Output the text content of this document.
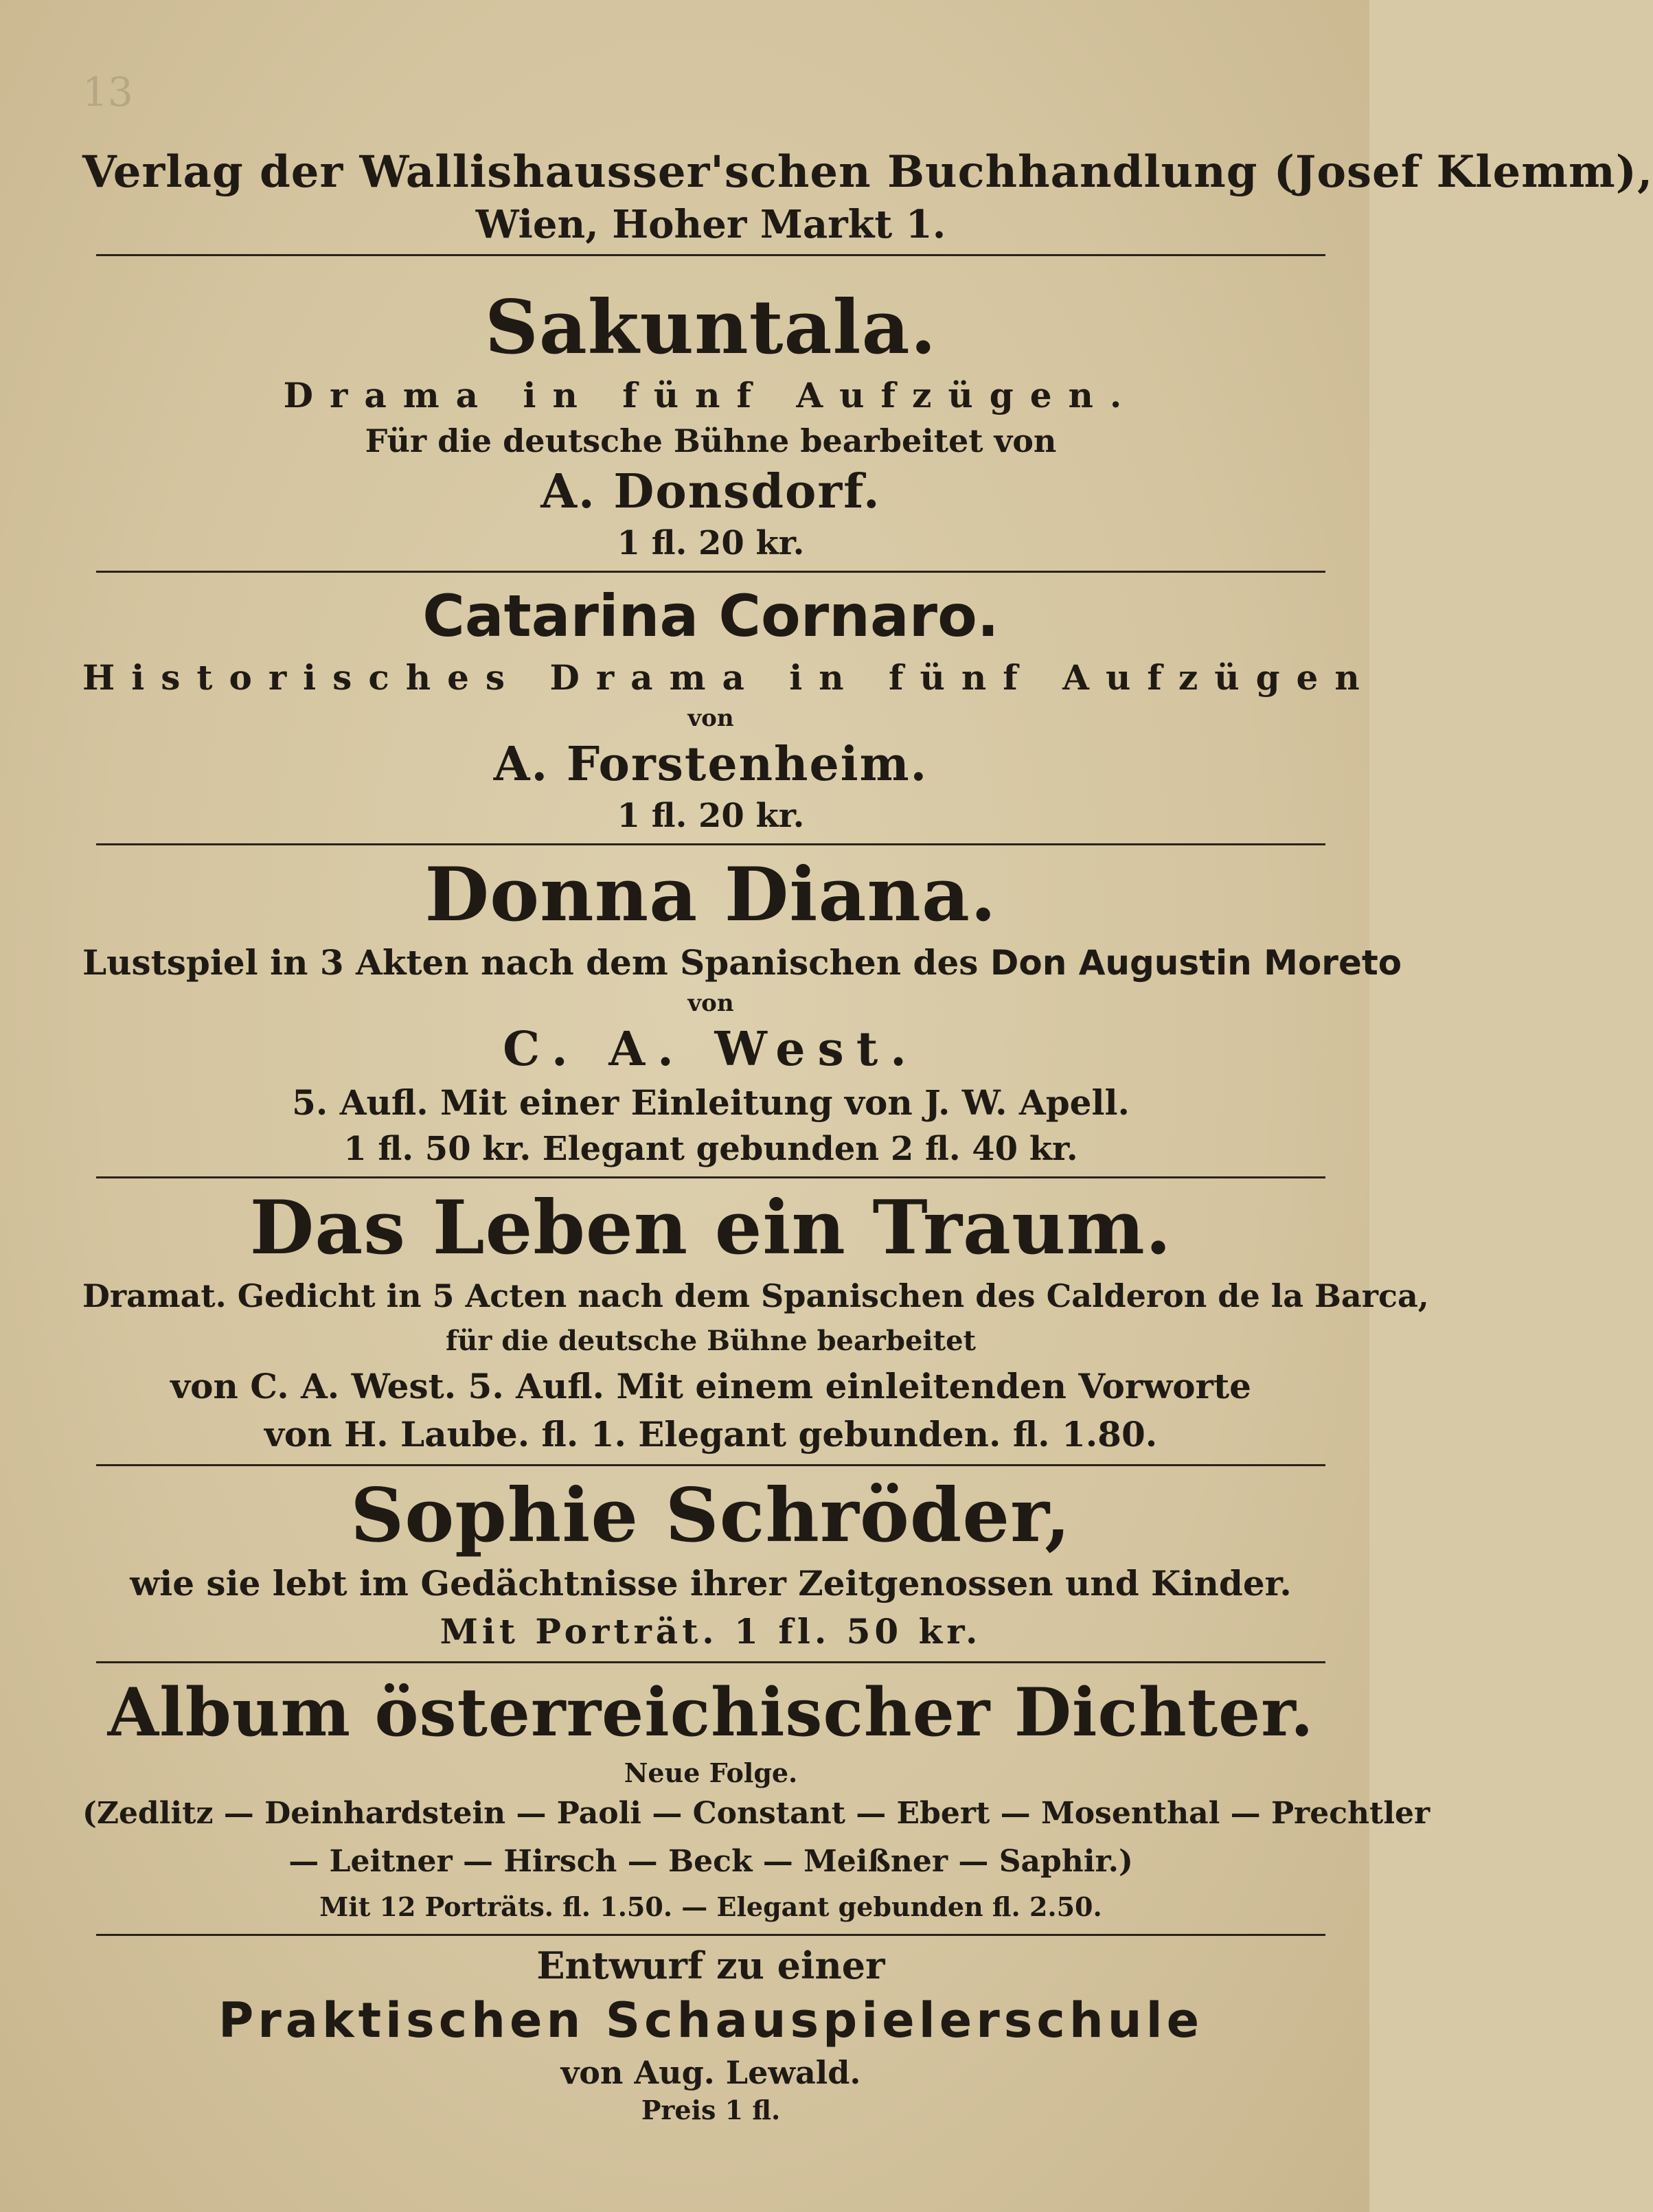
13
Verlag der Wallishausser'schen Buchhandlung (Josef Klemm),
Wien, Hoher Markt 1.
Sakuntala.
Drama in fünf Aufzügen.
Für die deutsche Bühne bearbeitet von
A. Donsdorf.
1 fl. 20 kr.
Catarina Cornaro.
Historisches Drama in fünf Aufzügen
von
A. Forstenheim.
1 fl. 20 kr.
Donna Diana.
Lustspiel in 3 Akten nach dem Spanischen des Don Augustin Moreto
von
C. A. West.
5. Aufl. Mit einer Einleitung von J. W. Apell.
1 fl. 50 kr. Elegant gebunden 2 fl. 40 kr.
Das Leben ein Traum.
Dramat. Gedicht in 5 Acten nach dem Spanischen des Calderon de la Barca,
für die deutsche Bühne bearbeitet
von C. A. West. 5. Aufl. Mit einem einleitenden Vorworte
von H. Laube. fl. 1. Elegant gebunden. fl. 1.80.
Sophie Schröder,
wie sie lebt im Gedächtnisse ihrer Zeitgenossen und Kinder.
Mit Porträt. 1 fl. 50 kr.
Album österreichischer Dichter.
Neue Folge.
(Zedlitz — Deinhardstein — Paoli — Constant — Ebert — Mosenthal — Prechtler
— Leitner — Hirsch — Beck — Meißner — Saphir.)
Mit 12 Porträts. fl. 1.50. — Elegant gebunden fl. 2.50.
Entwurf zu einer
Praktischen Schauspielerschule
von Aug. Lewald.
Preis 1 fl.
